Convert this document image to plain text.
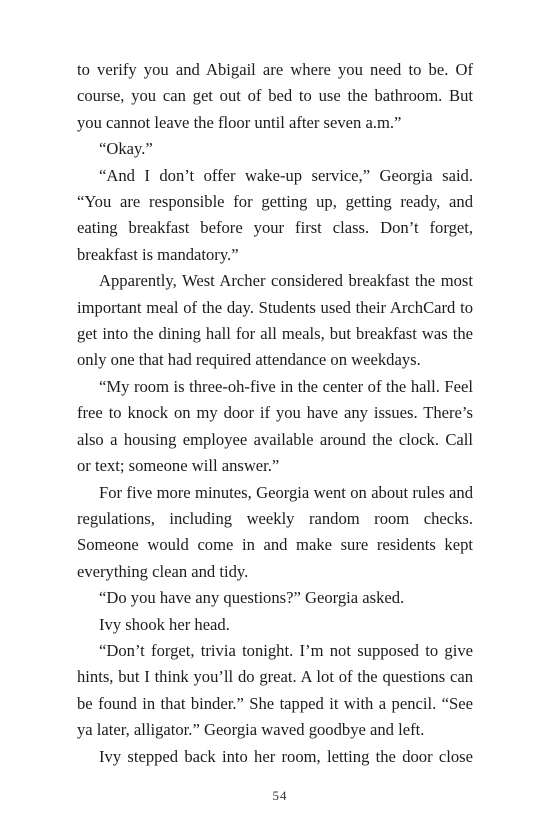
to verify you and Abigail are where you need to be. Of course, you can get out of bed to use the bathroom. But you cannot leave the floor until after seven a.m.”

“Okay.”

“And I don’t offer wake-up service,” Georgia said. “You are responsible for getting up, getting ready, and eating breakfast before your first class. Don’t forget, breakfast is mandatory.”

Apparently, West Archer considered breakfast the most important meal of the day. Students used their ArchCard to get into the dining hall for all meals, but breakfast was the only one that had required attendance on weekdays.

“My room is three-oh-five in the center of the hall. Feel free to knock on my door if you have any issues. There’s also a housing employee available around the clock. Call or text; someone will answer.”

For five more minutes, Georgia went on about rules and regulations, including weekly random room checks. Someone would come in and make sure residents kept everything clean and tidy.

“Do you have any questions?” Georgia asked.

Ivy shook her head.

“Don’t forget, trivia tonight. I’m not supposed to give hints, but I think you’ll do great. A lot of the questions can be found in that binder.” She tapped it with a pencil. “See ya later, alligator.” Georgia waved goodbye and left.

Ivy stepped back into her room, letting the door close

54
